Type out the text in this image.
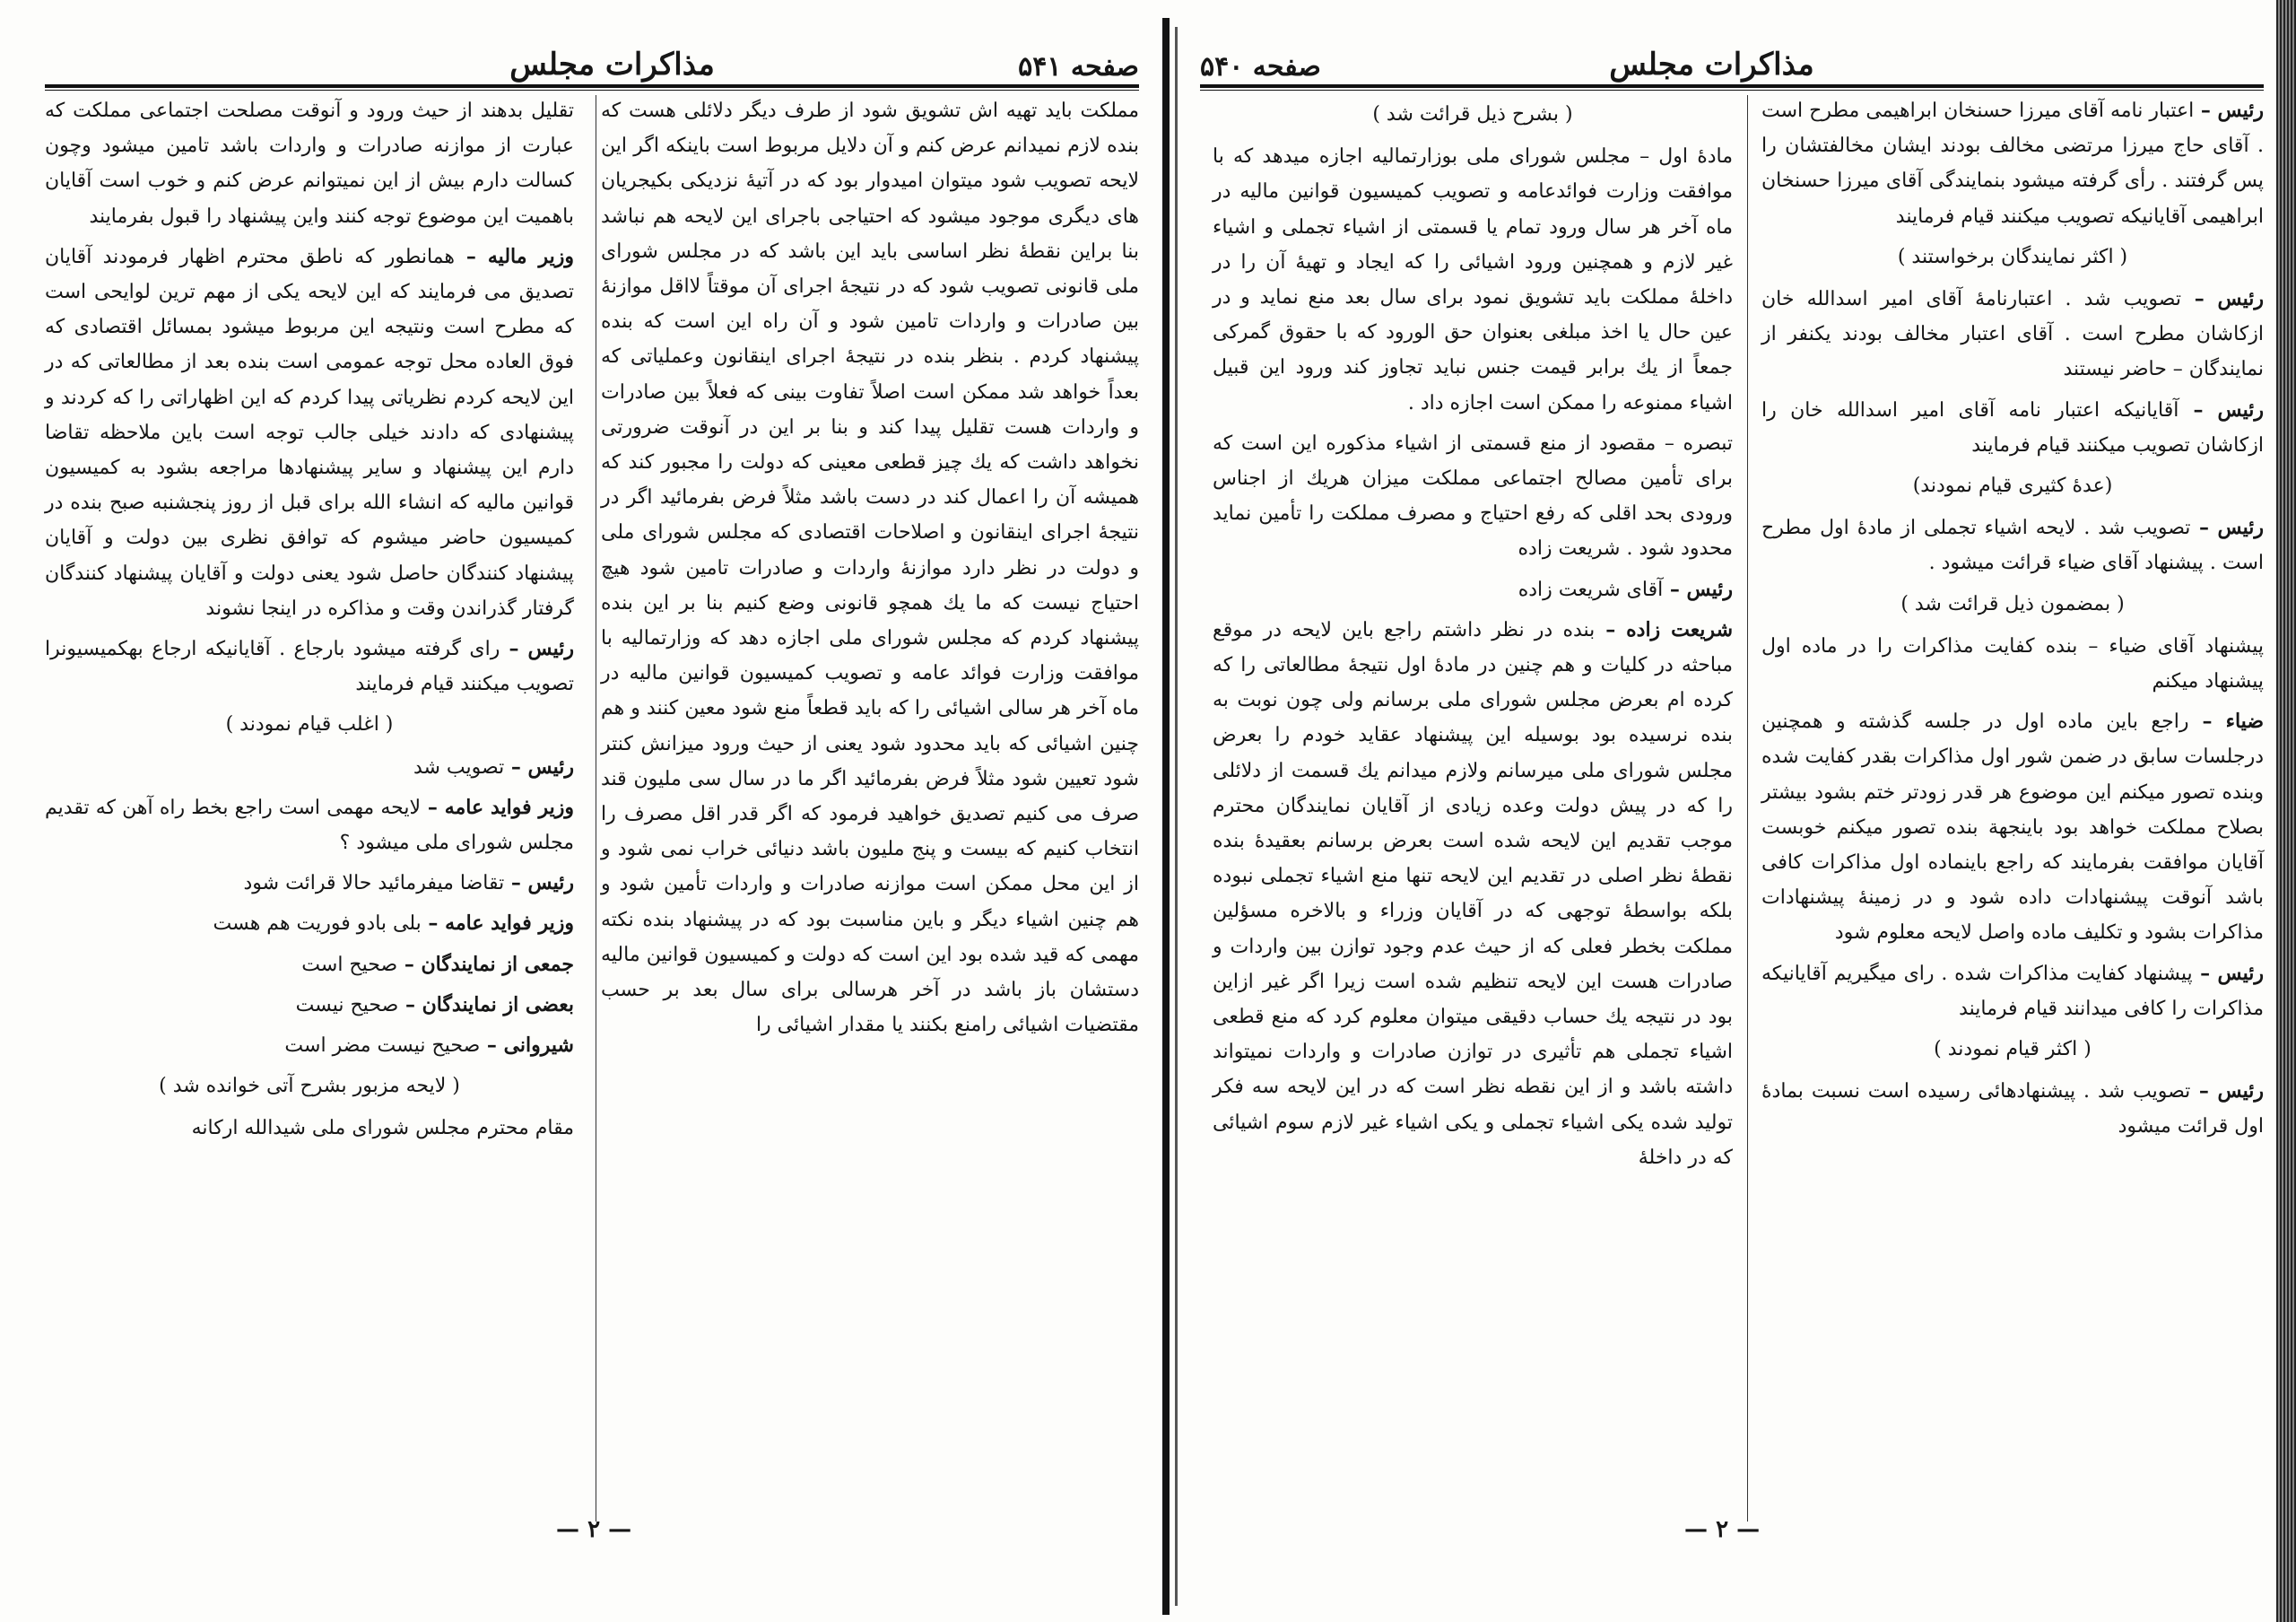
صفحه ۵۴۱
مذاکرات مجلس

مملکت باید تهیه اش تشویق شود از طرف دیگر دلائلی هست که بنده لازم نمیدانم عرض کنم و آن دلایل مربوط است باینکه اگر این لایحه تصویب شود میتوان امیدوار بود که در آتیهٔ نزدیکی بکیجریان های دیگری موجود میشود که احتیاجی باجرای این لایحه هم نباشد بنا براین نقطهٔ نظر اساسی باید این باشد که در مجلس شورای ملی قانونی تصویب شود که در نتیجهٔ اجرای آن موقتاً لااقل موازنهٔ بین صادرات و واردات تامین شود و آن راه این است که بنده پیشنهاد کردم . بنظر بنده در نتیجهٔ اجرای اینقانون وعملیاتی که بعداً خواهد شد ممکن است اصلاً تفاوت بینی که فعلاً بین صادرات و واردات هست تقلیل پیدا کند و بنا بر این در آنوقت ضرورتی نخواهد داشت که یك چیز قطعی معینی که دولت را مجبور کند که همیشه آن را اعمال کند در دست باشد مثلاً فرض بفرمائید اگر در نتیجهٔ اجرای اینقانون و اصلاحات اقتصادی که مجلس شورای ملی و دولت در نظر دارد موازنهٔ واردات و صادرات تامین شود هیچ احتیاج نیست که ما یك همچو قانونی وضع کنیم بنا بر این بنده پیشنهاد کردم که مجلس شورای ملی اجازه دهد که وزارتمالیه با موافقت وزارت فوائد عامه و تصویب کمیسیون قوانین مالیه در ماه آخر هر سالی اشیائی را که باید قطعاً منع شود معین کنند و هم چنین اشیائی که باید محدود شود یعنی از حیث ورود میزانش کنتر شود تعیین شود مثلاً فرض بفرمائید اگر ما در سال سی ملیون قند صرف می کنیم تصدیق خواهید فرمود که اگر قدر اقل مصرف را انتخاب کنیم که بیست و پنج ملیون باشد دنیائی خراب نمی شود و از این محل ممکن است موازنه صادرات و واردات تأمین شود و هم چنین اشیاء دیگر و باین مناسبت بود که در پیشنهاد بنده نکته مهمی که قید شده بود این است که دولت و کمیسیون قوانین مالیه دستشان باز باشد در آخر هرسالی برای سال بعد بر حسب مقتضیات اشیائی رامنع بکنند یا مقدار اشیائی را

تقلیل بدهند از حیث ورود و آنوقت مصلحت اجتماعی مملکت که عبارت از موازنه صادرات و واردات باشد تامین میشود وچون کسالت دارم بیش از این نمیتوانم عرض کنم و خوب است آقایان باهمیت این موضوع توجه کنند واین پیشنهاد را قبول بفرمایند

وزیر مالیه – همانطور که ناطق محترم اظهار فرمودند آقایان تصدیق می فرمایند که این لایحه یکی از مهم ترین لوایحی است که مطرح است ونتیجه این مربوط میشود بمسائل اقتصادی که فوق العاده محل توجه عمومی است بنده بعد از مطالعاتی که در این لایحه کردم نظریاتی پیدا کردم که این اظهاراتی را که کردند و پیشنهادی که دادند خیلی جالب توجه است باین ملاحظه تقاضا دارم این پیشنهاد و سایر پیشنهادها مراجعه بشود به کمیسیون قوانین مالیه که انشاء الله برای قبل از روز پنجشنبه صبح بنده در کمیسیون حاضر میشوم که توافق نظری بین دولت و آقایان پیشنهاد کنندگان حاصل شود یعنی دولت و آقایان پیشنهاد کنندگان گرفتار گذراندن وقت و مذاکره در اینجا نشوند

رئیس – رای گرفته میشود بارجاع . آقایانیکه ارجاع بهکمیسیونرا تصویب میکنند قیام فرمایند

( اغلب قیام نمودند )

رئیس – تصویب شد

وزیر فواید عامه – لایحه مهمی است راجع بخط راه آهن که تقدیم مجلس شورای ملی میشود ؟

رئیس – تقاضا میفرمائید حالا قرائت شود

وزیر فواید عامه – بلی بادو فوریت هم هست

جمعی از نمایندگان – صحیح است

بعضی از نمایندگان – صحیح نیست

شیروانی – صحیح نیست مضر است

( لایحه مزبور بشرح آتی خوانده شد )

مقام محترم مجلس شورای ملی شیدالله ارکانه

— ۲ —
مذاکرات مجلس
صفحه ۵۴۰

رئیس – اعتبار نامه آقای میرزا حسنخان ابراهیمی مطرح است . آقای حاج میرزا مرتضی مخالف بودند ایشان مخالفتشان را پس گرفتند . رأی گرفته میشود بنمایندگی آقای میرزا حسنخان ابراهیمی آقایانیکه تصویب میکنند قیام فرمایند

( اکثر نمایندگان برخواستند )

رئیس – تصویب شد . اعتبارنامهٔ آقای امیر اسدالله خان ازکاشان مطرح است . آقای اعتبار مخالف بودند یکنفر از نمایندگان – حاضر نیستند

رئیس – آقایانیکه اعتبار نامه آقای امیر اسدالله خان را ازکاشان تصویب میکنند قیام فرمایند

(عدهٔ کثیری قیام نمودند)

رئیس – تصویب شد . لایحه اشیاء تجملی از مادهٔ اول مطرح است . پیشنهاد آقای ضیاء قرائت میشود .

( بمضمون ذیل قرائت شد )

پیشنهاد آقای ضیاء – بنده کفایت مذاکرات را در ماده اول پیشنهاد میکنم

ضیاء – راجع باین ماده اول در جلسه گذشته و همچنین درجلسات سابق در ضمن شور اول مذاکرات بقدر کفایت شده وبنده تصور میکنم این موضوع هر قدر زودتر ختم بشود بیشتر بصلاح مملکت خواهد بود باینجهة بنده تصور میکنم خوبست آقایان موافقت بفرمایند که راجع باینماده اول مذاکرات کافی باشد آنوقت پیشنهادات داده شود و در زمینهٔ پیشنهادات مذاکرات بشود و تکلیف ماده واصل لایحه معلوم شود

رئیس – پیشنهاد کفایت مذاکرات شده . رای میگیریم آقایانیکه مذاکرات را کافی میدانند قیام فرمایند

( اکثر قیام نمودند )

رئیس – تصویب شد . پیشنهادهائی رسیده است نسبت بمادهٔ اول قرائت میشود

( بشرح ذیل قرائت شد )

مادهٔ اول – مجلس شورای ملی بوزارتمالیه اجازه میدهد که با موافقت وزارت فوائدعامه و تصویب کمیسیون قوانین مالیه در ماه آخر هر سال ورود تمام یا قسمتی از اشیاء تجملی و اشیاء غیر لازم و همچنین ورود اشیائی را که ایجاد و تهیهٔ آن را در داخلهٔ مملکت باید تشویق نمود برای سال بعد منع نماید و در عین حال یا اخذ مبلغی بعنوان حق الورود که با حقوق گمرکی جمعاً از یك برابر قیمت جنس نباید تجاوز کند ورود این قبیل اشیاء ممنوعه را ممکن است اجازه داد .

تبصره – مقصود از منع قسمتی از اشیاء مذکوره این است که برای تأمین مصالح اجتماعی مملکت میزان هریك از اجناس ورودی بحد اقلی که رفع احتیاج و مصرف مملکت را تأمین نماید محدود شود . شریعت زاده

رئیس – آقای شریعت زاده

شریعت زاده – بنده در نظر داشتم راجع باین لایحه در موقع مباحثه در کلیات و هم چنین در مادهٔ اول نتیجهٔ مطالعاتی را که کرده ام بعرض مجلس شورای ملی برسانم ولی چون نوبت به بنده نرسیده بود بوسیله این پیشنهاد عقاید خودم را بعرض مجلس شورای ملی میرسانم ولازم میدانم یك قسمت از دلائلی را که در پیش دولت وعده زیادی از آقایان نمایندگان محترم موجب تقدیم این لایحه شده است بعرض برسانم بعقیدهٔ بنده نقطهٔ نظر اصلی در تقدیم این لایحه تنها منع اشیاء تجملی نبوده بلکه بواسطهٔ توجهی که در آقایان وزراء و بالاخره مسؤلین مملکت بخطر فعلی که از حیث عدم وجود توازن بین واردات و صادرات هست این لایحه تنظیم شده است زیرا اگر غیر ازاین بود در نتیجه یك حساب دقیقی میتوان معلوم کرد که منع قطعی اشیاء تجملی هم تأثیری در توازن صادرات و واردات نمیتواند داشته باشد و از این نقطه نظر است که در این لایحه سه فکر تولید شده یکی اشیاء تجملی و یکی اشیاء غیر لازم سوم اشیائی که در داخلهٔ

— ۲ —
